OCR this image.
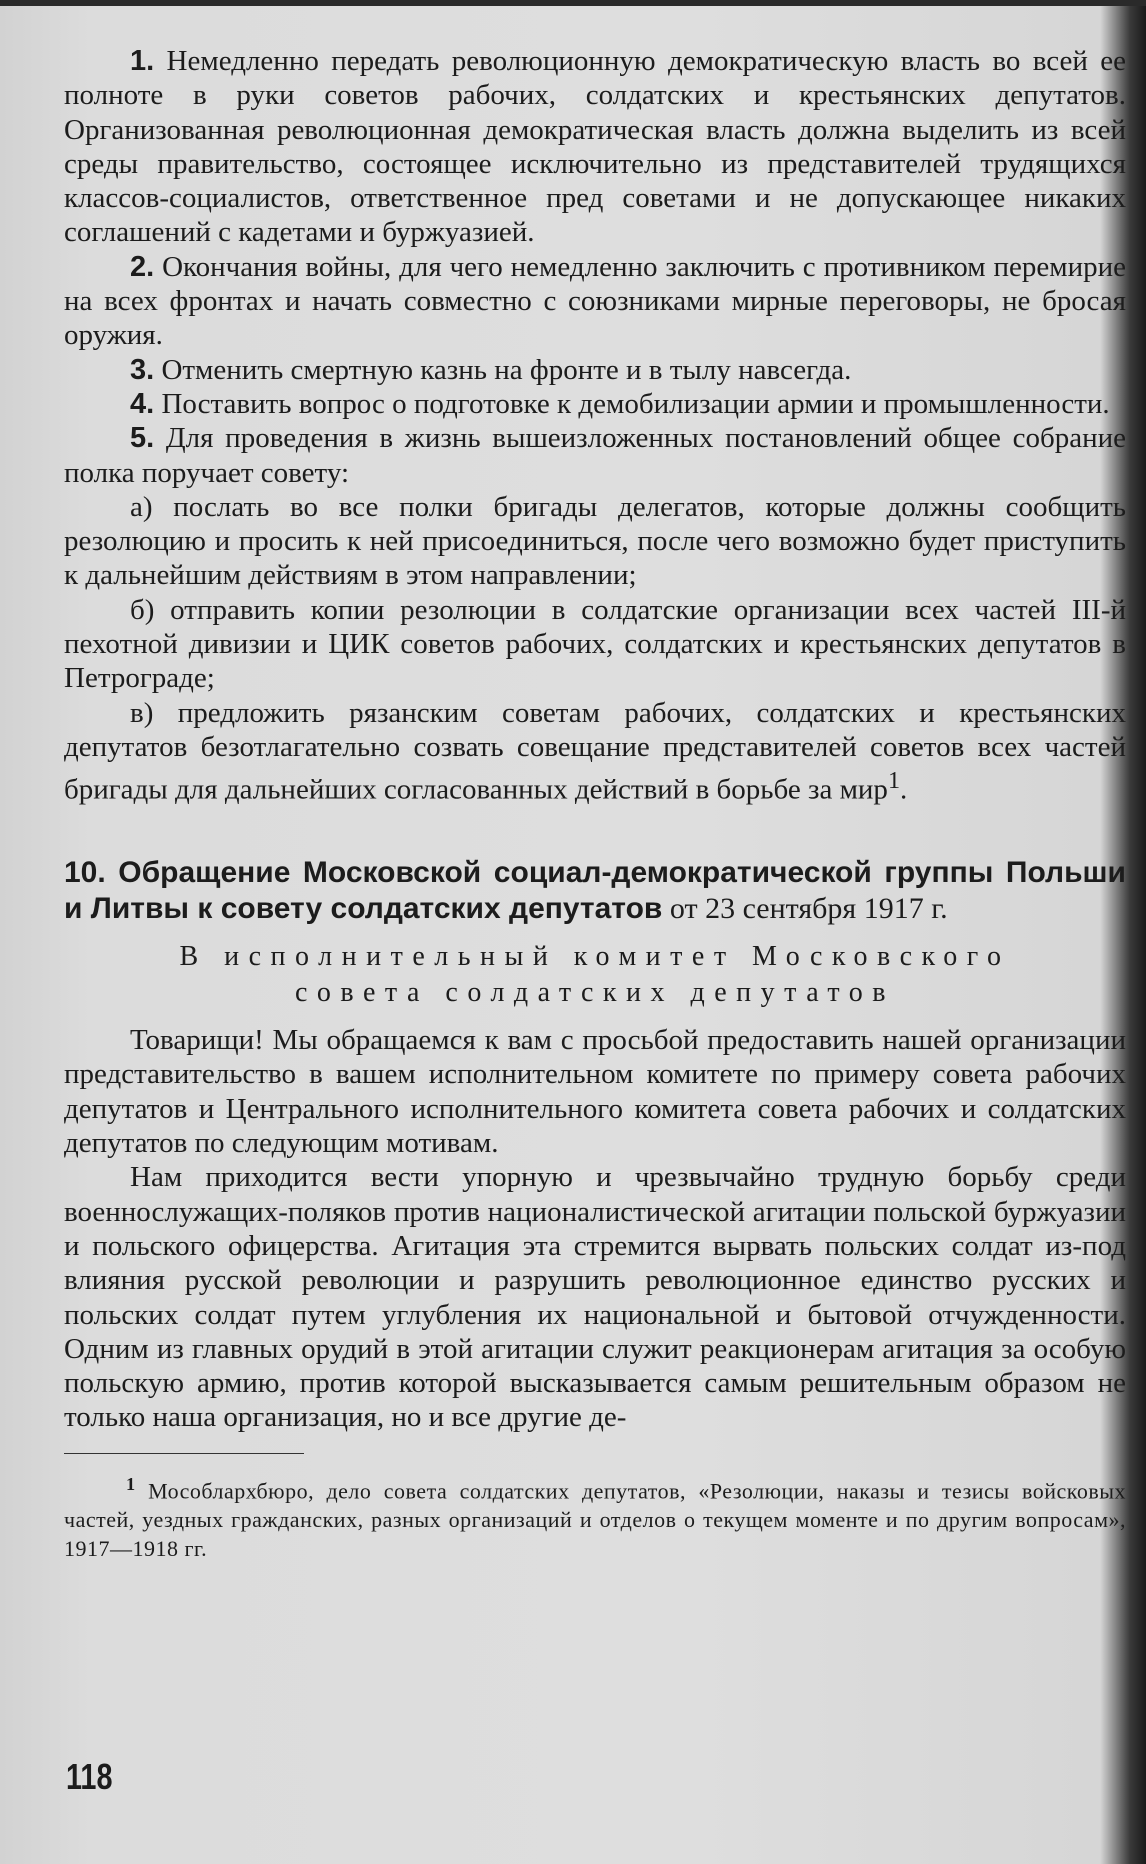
1. Немедленно передать революционную демократическую власть во всей ее полноте в руки советов рабочих, солдатских и крестьянских депутатов. Организованная революционная демократическая власть должна выделить из всей среды правительство, состоящее исключительно из представителей трудящихся классов-социалистов, ответственное пред советами и не допускающее никаких соглашений с кадетами и буржуазией.

2. Окончания войны, для чего немедленно заключить с противником перемирие на всех фронтах и начать совместно с союзниками мирные переговоры, не бросая оружия.

3. Отменить смертную казнь на фронте и в тылу навсегда.

4. Поставить вопрос о подготовке к демобилизации армии и промышленности.

5. Для проведения в жизнь вышеизложенных постановлений общее собрание полка поручает совету:

а) послать во все полки бригады делегатов, которые должны сообщить резолюцию и просить к ней присоединиться, после чего возможно будет приступить к дальнейшим действиям в этом направлении;

б) отправить копии резолюции в солдатские организации всех частей III-й пехотной дивизии и ЦИК советов рабочих, солдатских и крестьянских депутатов в Петрограде;

в) предложить рязанским советам рабочих, солдатских и крестьянских депутатов безотлагательно созвать совещание представителей советов всех частей бригады для дальнейших согласованных действий в борьбе за мир$^1$.

10. Обращение Московской социал-демократической группы Польши и Литвы к совету солдатских депутатов от 23 сентября 1917 г.

В исполнительный комитет Московского
совета солдатских депутатов

Товарищи! Мы обращаемся к вам с просьбой предоставить нашей организации представительство в вашем исполнительном комитете по примеру совета рабочих депутатов и Центрального исполнительного комитета совета рабочих и солдатских депутатов по следующим мотивам.

Нам приходится вести упорную и чрезвычайно трудную борьбу среди военнослужащих-поляков против националистической агитации польской буржуазии и польского офицерства. Агитация эта стремится вырвать польских солдат из-под влияния русской революции и разрушить революционное единство русских и польских солдат путем углубления их национальной и бытовой отчужденности. Одним из главных орудий в этой агитации служит реакционерам агитация за особую польскую армию, против которой высказывается самым решительным образом не только наша организация, но и все другие де-

$^1$ Мособлархбюро, дело совета солдатских депутатов, «Резолюции, наказы и тезисы войсковых частей, уездных гражданских, разных организаций и отделов о текущем моменте и по другим вопросам», 1917—1918 гг.

118
